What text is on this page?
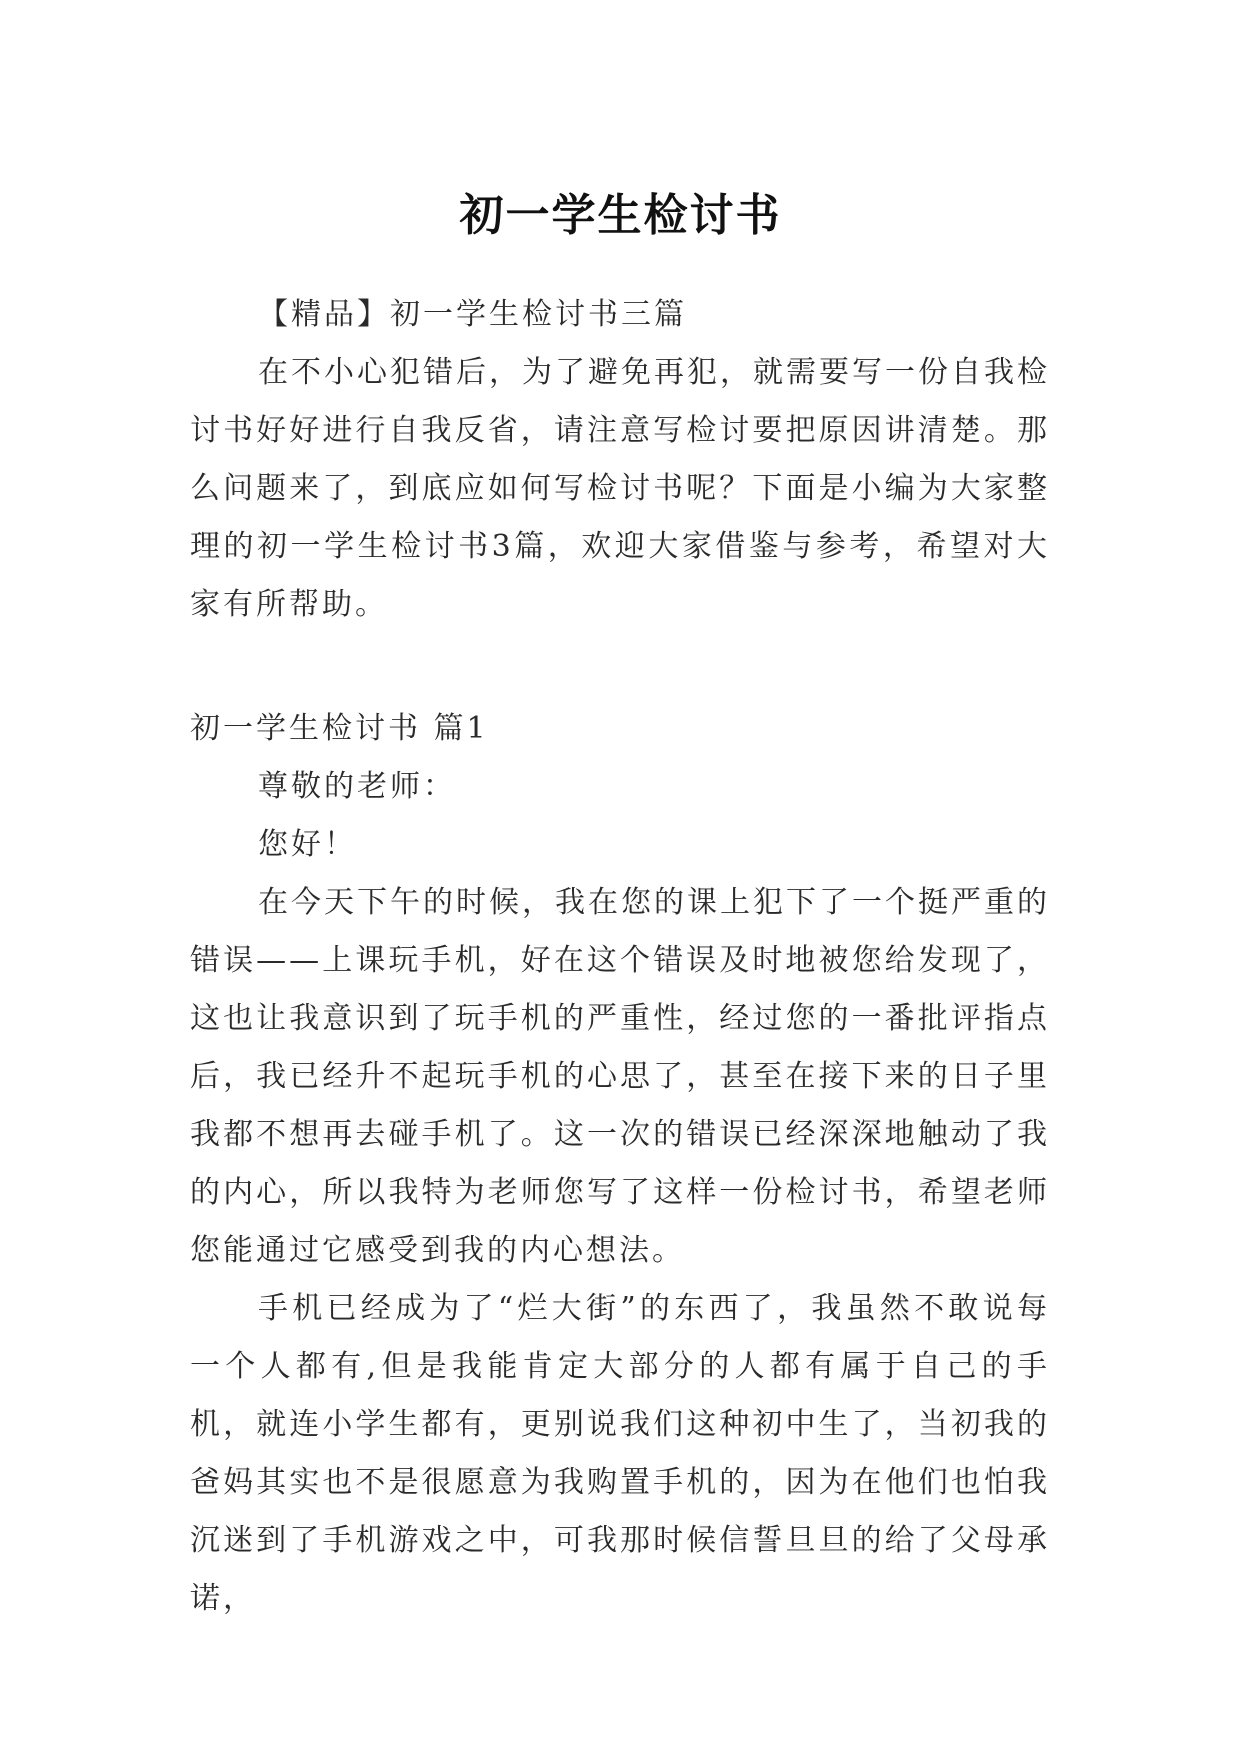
初一学生检讨书

【精品】初一学生检讨书三篇

在不小心犯错后，为了避免再犯，就需要写一份自我检讨书好好进行自我反省，请注意写检讨要把原因讲清楚。那么问题来了，到底应如何写检讨书呢？下面是小编为大家整理的初一学生检讨书3篇，欢迎大家借鉴与参考，希望对大家有所帮助。

初一学生检讨书 篇1

尊敬的老师：

您好！

在今天下午的时候，我在您的课上犯下了一个挺严重的错误——上课玩手机，好在这个错误及时地被您给发现了，这也让我意识到了玩手机的严重性，经过您的一番批评指点后，我已经升不起玩手机的心思了，甚至在接下来的日子里我都不想再去碰手机了。这一次的错误已经深深地触动了我的内心，所以我特为老师您写了这样一份检讨书，希望老师您能通过它感受到我的内心想法。

手机已经成为了“烂大街”的东西了，我虽然不敢说每一个人都有,但是我能肯定大部分的人都有属于自己的手机，就连小学生都有，更别说我们这种初中生了，当初我的爸妈其实也不是很愿意为我购置手机的，因为在他们也怕我沉迷到了手机游戏之中，可我那时候信誓旦旦的给了父母承诺，
